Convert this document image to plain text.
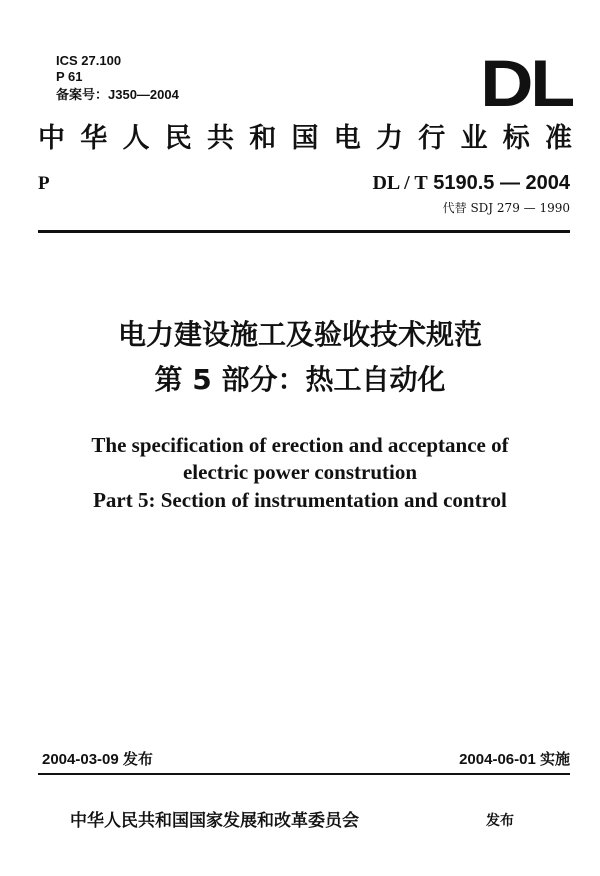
ICS 27.100
P 61
备案号：J350—2004	DL
中 华 人 民 共 和 国 电 力 行 业 标 准
P	DL / T 5190.5 — 2004
代替 SDJ 279 — 1990
电力建设施工及验收技术规范
第 5 部分：热工自动化
The specification of erection and acceptance of
electric power constrution
Part 5: Section of instrumentation and control
2004-03-09 发布	2004-06-01 实施
中华人民共和国国家发展和改革委员会	发布
